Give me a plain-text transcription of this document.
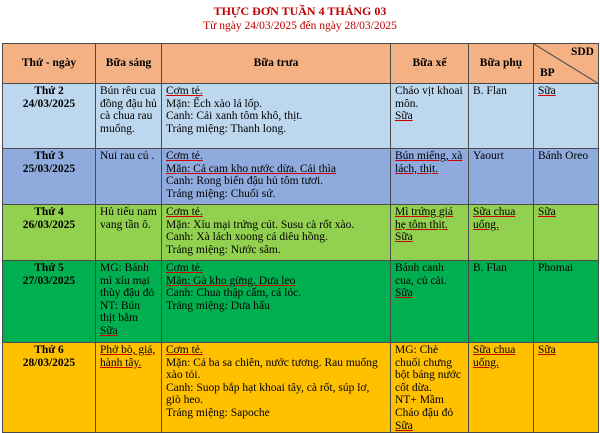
THỰC ĐƠN TUẦN 4 THÁNG 03
Từ ngày 24/03/2025 đến ngày 28/03/2025
Thứ - ngày	Bữa sáng	Bữa trưa	Bữa xế	Bữa phụ	SDD
BP

Thứ 2
24/03/2025	Bún rêu cua đồng đậu hủ cà chua rau muống.	Cơm tẻ.
Mặn: Ếch xào lá lốp.
Canh: Cải xanh tôm khô, thịt.
Tráng miệng: Thanh long.	Cháo vịt khoai môn.
Sữa	B. Flan	Sữa

Thứ 3
25/03/2025	Nui rau củ .	Cơm tẻ.
Mặn: Cá cam kho nước dừa. Cải thìa
Canh: Rong biển đậu hủ tôm tươi.
Tráng miệng: Chuối sứ.	Bún miếng, xà lách, thịt.	Yaourt	Bánh Oreo

Thứ 4
26/03/2025	Hủ tiếu nam vang tần ô.	Cơm tẻ.
Mặn: Xíu mại trứng cút. Susu cà rốt xào.
Canh: Xà lách xoong cá diêu hồng.
Tráng miệng: Nước sâm.	Mì trứng giá hẹ tôm thịt.
Sữa	Sữa chua uống.	Sữa

Thứ 5
27/03/2025	MG: Bánh mì xíu mại thùy đậu đỏ
NT: Bún thịt bằm
Sữa	Cơm tẻ.
Mặn: Gà kho gừng. Dưa leo
Canh: Chua thập cẩm, cá lóc.
Tráng miệng: Dưa hấu	Bánh canh cua, củ cải.
Sữa	B. Flan	Phomai

Thứ 6
28/03/2025	Phở bò, giá, hành tây.	Cơm tẻ.
Mặn: Cá ba sa chiên, nước tương. Rau muống xào tỏi.
Canh: Suop bắp hạt khoai tây, cà rốt, súp lơ, giò heo.
Tráng miệng: Sapoche	MG: Chè chuối chưng bột báng nước cốt dừa.
NT+ Mầm Cháo đậu đỏ
Sữa	Sữa chua uống.	Sữa
